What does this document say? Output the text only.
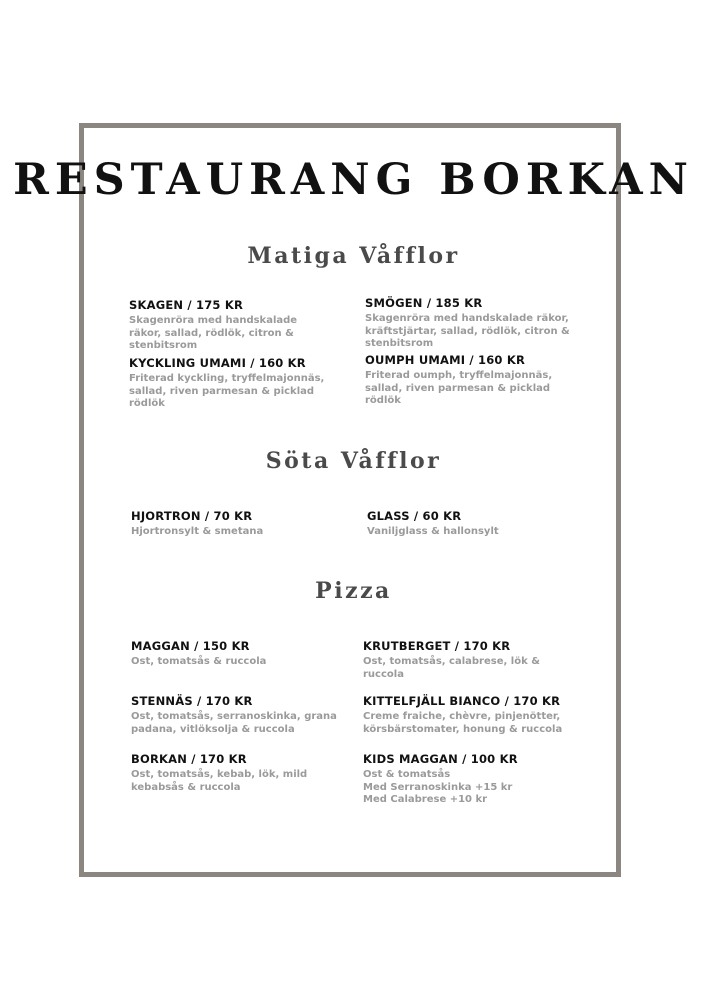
RESTAURANG BORKAN
Matiga Våfflor
SKAGEN / 175 KR
Skagenröra med handskalade räkor, sallad, rödlök, citron & stenbitsrom
SMÖGEN / 185 KR
Skagenröra med handskalade räkor, kräftstjärtar, sallad, rödlök, citron & stenbitsrom
KYCKLING UMAMI / 160 KR
Friterad kyckling, tryffelmajonnäs, sallad, riven parmesan & picklad rödlök
OUMPH UMAMI / 160 KR
Friterad oumph, tryffelmajonnäs, sallad, riven parmesan & picklad rödlök
Söta Våfflor
HJORTRON / 70 KR
Hjortronsylt & smetana
GLASS / 60 KR
Vaniljglass & hallonsylt
Pizza
MAGGAN / 150 KR
Ost, tomatsås & ruccola
KRUTBERGET / 170 KR
Ost, tomatsås, calabrese, lök & ruccola
STENNÄS / 170 KR
Ost, tomatsås, serranoskinka, grana padana, vitlöksolja & ruccola
KITTELFJÄLL BIANCO / 170 KR
Creme fraiche, chèvre, pinjenötter, körsbärstomater, honung & ruccola
BORKAN / 170 KR
Ost, tomatsås, kebab, lök, mild kebabsås & ruccola
KIDS MAGGAN / 100 KR
Ost & tomatsås
Med Serranoskinka +15 kr
Med Calabrese +10 kr
